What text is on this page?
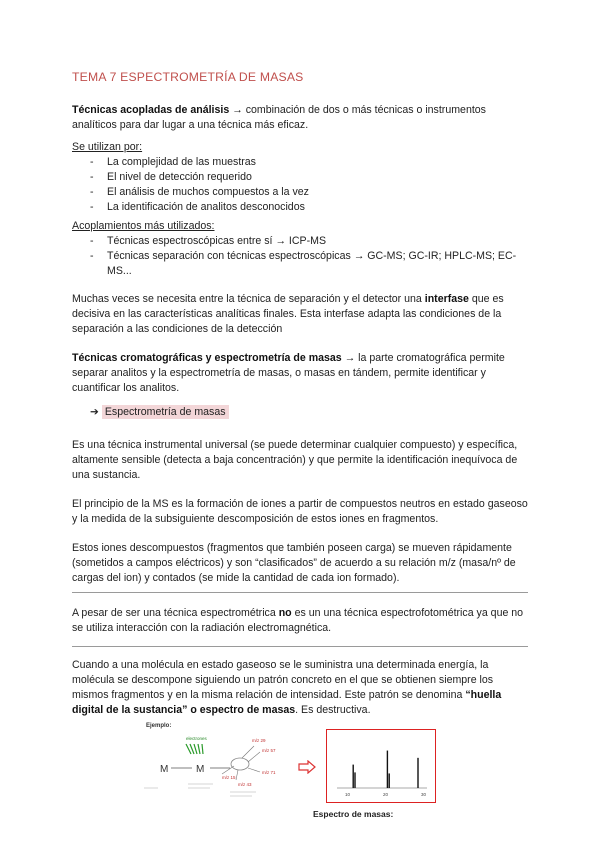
TEMA 7 ESPECTROMETRÍA DE MASAS
Técnicas acopladas de análisis → combinación de dos o más técnicas o instrumentos analíticos para dar lugar a una técnica más eficaz.
Se utilizan por:
- La complejidad de las muestras
- El nivel de detección requerido
- El análisis de muchos compuestos a la vez
- La identificación de analitos desconocidos
Acoplamientos más utilizados:
- Técnicas espectroscópicas entre sí → ICP-MS
- Técnicas separación con técnicas espectroscópicas → GC-MS; GC-IR; HPLC-MS; EC-MS...
Muchas veces se necesita entre la técnica de separación y el detector una interfase que es decisiva en las características analíticas finales. Esta interfase adapta las condiciones de la separación a las condiciones de la detección
Técnicas cromatográficas y espectrometría de masas → la parte cromatográfica permite separar analitos y la espectrometría de masas, o masas en tándem, permite identificar y cuantificar los analitos.
➔ Espectrometría de masas
Es una técnica instrumental universal (se puede determinar cualquier compuesto) y específica, altamente sensible (detecta a baja concentración) y que permite la identificación inequívoca de una sustancia.
El principio de la MS es la formación de iones a partir de compuestos neutros en estado gaseoso y la medida de la subsiguiente descomposición de estos iones en fragmentos.
Estos iones descompuestos (fragmentos que también poseen carga) se mueven rápidamente (sometidos a campos eléctricos) y son “clasificados” de acuerdo a su relación m/z (masa/nº de cargas del ion) y contados (se mide la cantidad de cada ion formado).
A pesar de ser una técnica espectrométrica no es un una técnica espectrofotométrica ya que no se utiliza interacción con la radiación electromagnética.
Cuando a una molécula en estado gaseoso se le suministra una determinada energía, la molécula se descompone siguiendo un patrón concreto en el que se obtienen siempre los mismos fragmentos y en la misma relación de intensidad. Este patrón se denomina “huella digital de la sustancia” o espectro de masas. Es destructiva.
Ejemplo:
electrones
M	M
m/z 29
m/z 57
m/z 15
m/z 43
m/z 71
10	20	30
Espectro de masas:
